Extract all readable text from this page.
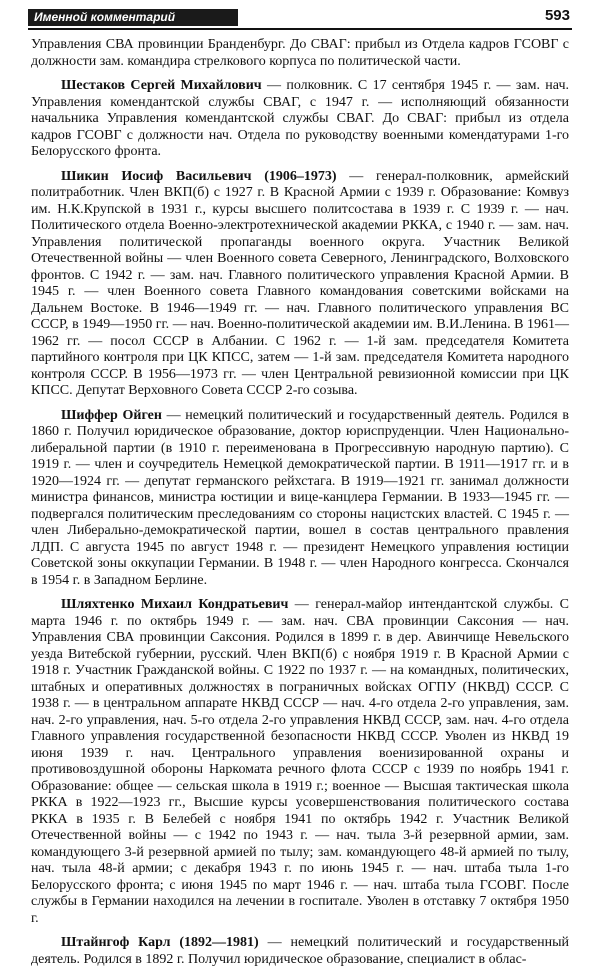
Именной комментарий	593

Управления СВА провинции Бранденбург. До СВАГ: прибыл из Отдела кадров ГСОВГ с должности зам. командира стрелкового корпуса по политической части.

Шестаков Сергей Михайлович — полковник. С 17 сентября 1945 г. — зам. нач. Управления комендантской службы СВАГ, с 1947 г. — исполняющий обязанности начальника Управления комендантской службы СВАГ. До СВАГ: прибыл из отдела кадров ГСОВГ с должности нач. Отдела по руководству военными комендатурами 1-го Белорусского фронта.

Шикин Иосиф Васильевич (1906–1973) — генерал-полковник, армейский политработник. Член ВКП(б) с 1927 г. В Красной Армии с 1939 г. Образование: Комвуз им. Н.К.Крупской в 1931 г., курсы высшего политсостава в 1939 г. С 1939 г. — нач. Политического отдела Военно-электротехнической академии РККА, с 1940 г. — зам. нач. Управления политической пропаганды военного округа. Участник Великой Отечественной войны — член Военного совета Северного, Ленинградского, Волховского фронтов. С 1942 г. — зам. нач. Главного политического управления Красной Армии. В 1945 г. — член Военного совета Главного командования советскими войсками на Дальнем Востоке. В 1946—1949 гг. — нач. Главного политического управления ВС СССР, в 1949—1950 гг. — нач. Военно-политической академии им. В.И.Ленина. В 1961—1962 гг. — посол СССР в Албании. С 1962 г. — 1-й зам. председателя Комитета партийного контроля при ЦК КПСС, затем — 1-й зам. председателя Комитета народного контроля СССР. В 1956—1973 гг. — член Центральной ревизионной комиссии при ЦК КПСС. Депутат Верховного Совета СССР 2-го созыва.

Шиффер Ойген — немецкий политический и государственный деятель. Родился в 1860 г. Получил юридическое образование, доктор юриспруденции. Член Национально-либеральной партии (в 1910 г. переименована в Прогрессивную народную партию). С 1919 г. — член и соучредитель Немецкой демократической партии. В 1911—1917 гг. и в 1920—1924 гг. — депутат германского рейхстага. В 1919—1921 гг. занимал должности министра финансов, министра юстиции и вице-канцлера Германии. В 1933—1945 гг. — подвергался политическим преследованиям со стороны нацистских властей. С 1945 г. — член Либерально-демократической партии, вошел в состав центрального правления ЛДП. С августа 1945 по август 1948 г. — президент Немецкого управления юстиции Советской зоны оккупации Германии. В 1948 г. — член Народного конгресса. Скончался в 1954 г. в Западном Берлине.

Шляхтенко Михаил Кондратьевич — генерал-майор интендантской службы. С марта 1946 г. по октябрь 1949 г. — зам. нач. СВА провинции Саксония — нач. Управления СВА провинции Саксония. Родился в 1899 г. в дер. Авинчище Невельского уезда Витебской губернии, русский. Член ВКП(б) с ноября 1919 г. В Красной Армии с 1918 г. Участник Гражданской войны. С 1922 по 1937 г. — на командных, политических, штабных и оперативных должностях в пограничных войсках ОГПУ (НКВД) СССР. С 1938 г. — в центральном аппарате НКВД СССР — нач. 4-го отдела 2-го управления, зам. нач. 2-го управления, нач. 5-го отдела 2-го управления НКВД СССР, зам. нач. 4-го отдела Главного управления государственной безопасности НКВД СССР. Уволен из НКВД 19 июня 1939 г. нач. Центрального управления военизированной охраны и противовоздушной обороны Наркомата речного флота СССР с 1939 по ноябрь 1941 г. Образование: общее — сельская школа в 1919 г.; военное — Высшая тактическая школа РККА в 1922—1923 гг., Высшие курсы усовершенствования политического состава РККА в 1935 г. В Белебей с ноября 1941 по октябрь 1942 г. Участник Великой Отечественной войны — с 1942 по 1943 г. — нач. тыла 3-й резервной армии, зам. командующего 3-й резервной армией по тылу; зам. командующего 48-й армией по тылу, нач. тыла 48-й армии; с декабря 1943 г. по июнь 1945 г. — нач. штаба тыла 1-го Белорусского фронта; с июня 1945 по март 1946 г. — нач. штаба тыла ГСОВГ. После службы в Германии находился на лечении в госпитале. Уволен в отставку 7 октября 1950 г.

Штайнгоф Карл (1892—1981) — немецкий политический и государственный деятель. Родился в 1892 г. Получил юридическое образование, специалист в облас-
